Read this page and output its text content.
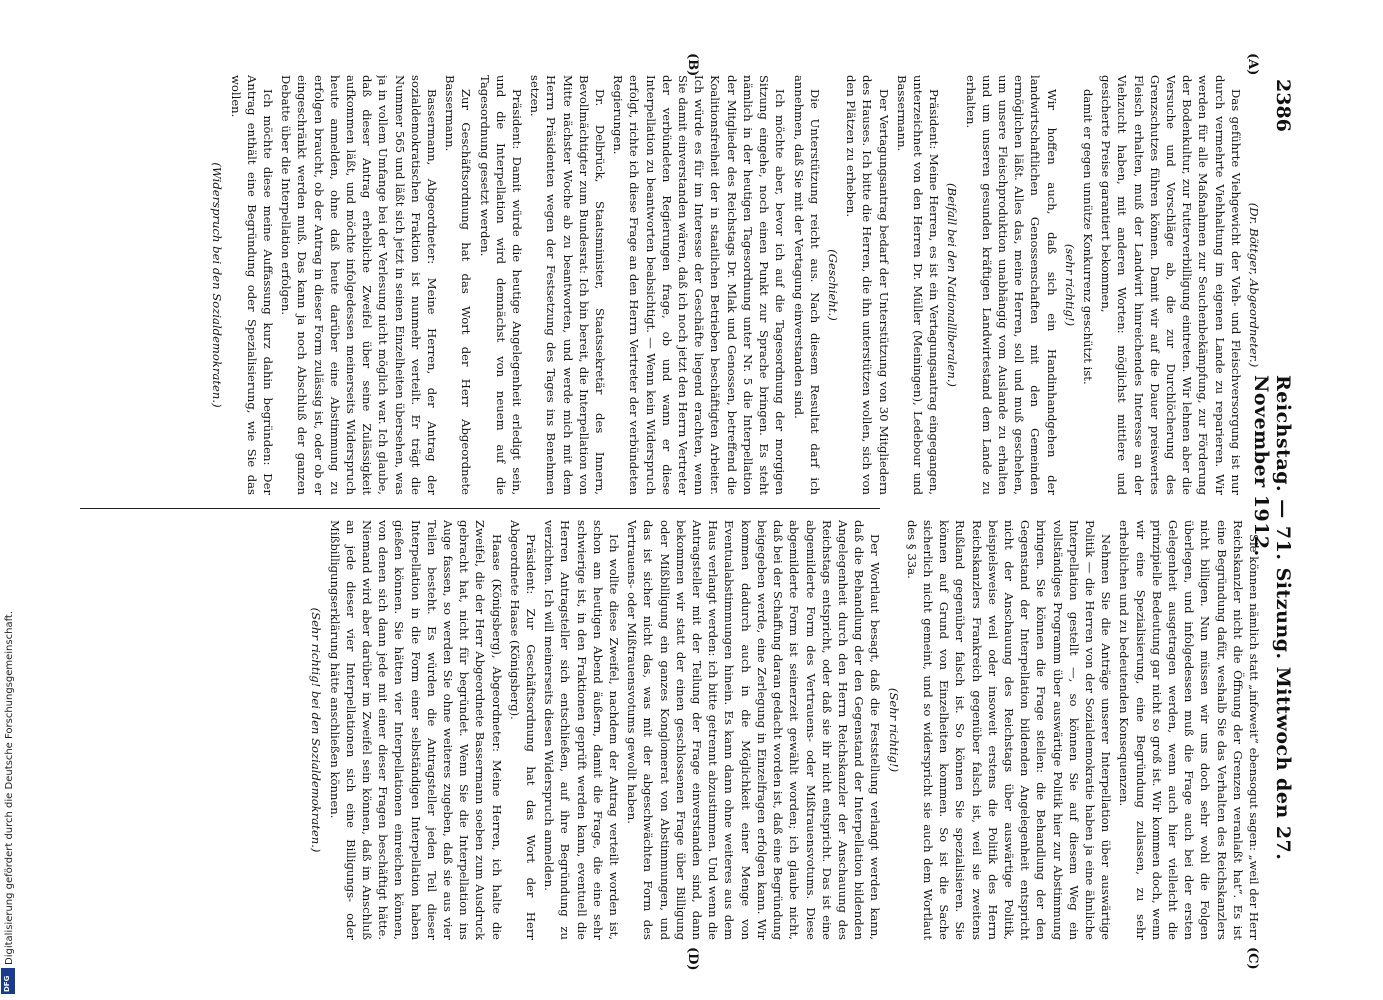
2386
Reichstag. — 71. Sitzung. Mittwoch den 27. November 1912.
(A)
(B)
(C)
(D)

(Dr. Böttger, Abgeordneter.)

Das geführte Viehgewicht der Vieh- und Fleischversorgung ist nur durch vermehrte Viehhaltung im eigenen Lande zu reparieren. Wir werden für alle Maßnahmen zur Seuchenbekämpfung, zur Förderung der Bodenkultur, zur Futterverbilligung eintreten. Wir lehnen aber die Versuche und Vorschläge ab, die zur Durchlöcherung des Grenzschutzes führen können. Damit wir auf die Dauer preiswertes Fleisch erhalten, muß der Landwirt hinreichendes Interesse an der Viehzucht haben, mit anderen Worten: möglichst mittlere und gesicherte Preise garantiert bekommen,

damit er gegen unnütze Konkurrenz geschützt ist.

(sehr richtig!)

Wir hoffen auch, daß sich ein Handinhandgehen der landwirtschaftlichen Genossenschaften mit den Gemeinden ermöglichen läßt. Alles das, meine Herren, soll und muß geschehen, um unsere Fleischproduktion unabhängig vom Auslande zu erhalten und um unseren gesunden kräftigen Landwirtestand dem Lande zu erhalten.

(Beifall bei den Nationalliberalen.)

Präsident: Meine Herren, es ist ein Vertagungsantrag eingegangen, unterzeichnet von den Herren Dr. Müller (Meiningen), Ledebour und Bassermann.

Der Vertagungsantrag bedarf der Unterstützung von 30 Mitgliedern des Hauses. Ich bitte die Herren, die ihn unterstützen wollen, sich von den Plätzen zu erheben.

(Geschieht.)

Die Unterstützung reicht aus. Nach diesem Resultat darf ich annehmen, daß Sie mit der Vertagung einverstanden sind.

Ich möchte aber, bevor ich auf die Tagesordnung der morgigen Sitzung eingehe, noch einen Punkt zur Sprache bringen. Es steht nämlich in der heutigen Tagesordnung unter Nr. 5 die Interpellation der Mitglieder des Reichstags Dr. Mlak und Genossen, betreffend die Koalitionsfreiheit der in staatlichen Betrieben beschäftigten Arbeiter. Ich würde es für im Interesse der Geschäfte liegend erachten, wenn Sie damit einverstanden wären, daß ich noch jetzt den Herrn Vertreter der verbündeten Regierungen frage, ob und wann er diese Interpellation zu beantworten beabsichtigt. — Wenn kein Widerspruch erfolgt, richte ich diese Frage an den Herrn Vertreter der verbündeten Regierungen.

Dr. Delbrück, Staatsminister, Staatssekretär des Innern, Bevollmächtigter zum Bundesrat: Ich bin bereit, die Interpellation von Mitte nächster Woche ab zu beantworten, und werde mich mit dem Herrn Präsidenten wegen der Festsetzung des Tages ins Benehmen setzen.

Präsident: Damit würde die heutige Angelegenheit erledigt sein, und die Interpellation wird demnächst von neuem auf die Tagesordnung gesetzt werden.

Zur Geschäftsordnung hat das Wort der Herr Abgeordnete Bassermann.

Bassermann, Abgeordneter: Meine Herren, der Antrag der sozialdemokratischen Fraktion ist nunmehr verteilt. Er trägt die Nummer 565 und läßt sich jetzt in seinen Einzelheiten übersehen, was ja in vollem Umfange bei der Verlesung nicht möglich war. Ich glaube, daß dieser Antrag erhebliche Zweifel über seine Zulässigkeit aufkommen läßt, und möchte infolgedessen meinerseits Widerspruch heute anmelden, ohne daß heute darüber eine Abstimmung zu erfolgen braucht, ob der Antrag in dieser Form zulässig ist, oder ob er eingeschränkt werden muß. Das kann ja noch Abschluß der ganzen Debatte über die Interpellation erfolgen.

Ich möchte diese meine Auffassung kurz dahin begründen: Der Antrag enthält eine Begründung oder Spezialisierung, wie Sie das wollen.

(Widerspruch bei den Sozialdemokraten.)

Sie können nämlich statt „infoweit“ ebensogut sagen: „weil der Herr Reichskanzler nicht die Öffnung der Grenzen veranlaßt hat“. Es ist eine Begründung dafür, weshalb Sie das Verhalten des Reichskanzlers nicht billigen. Nun müssen wir uns doch sehr wohl die Folgen überlegen, und infolgedessen muß die Frage auch bei der ersten Gelegenheit ausgetragen werden, wenn auch hier vielleicht die prinzipielle Bedeutung gar nicht so groß ist. Wir kommen doch, wenn wir eine Spezialisierung, eine Begründung zulassen, zu sehr erheblichen und zu bedeutenden Konsequenzen.

Nehmen Sie die Anträge unserer Interpellation über auswärtige Politik — die Herren von der Sozialdemokratie haben ja eine ähnliche Interpellation gestellt —, so können Sie auf diesem Weg ein vollständiges Programm über auswärtige Politik hier zur Abstimmung bringen. Sie können die Frage stellen: die Behandlung der den Gegenstand der Interpellation bildenden Angelegenheit entspricht nicht der Anschauung des Reichstags über auswärtige Politik, beispielsweise weil oder insoweit erstens die Politik des Herrn Reichskanzlers Frankreich gegenüber falsch ist, weil sie zweitens Rußland gegenüber falsch ist. So können Sie spezialisieren. Sie können auf Grund von Einzelheiten kommen. So ist die Sache sicherlich nicht gemeint, und so widerspricht sie auch dem Wortlaut des § 33a.

(Sehr richtig!)

Der Wortlaut besagt, daß die Feststellung verlangt werden kann, daß die Behandlung der den Gegenstand der Interpellation bildenden Angelegenheit durch den Herrn Reichskanzler der Anschauung des Reichstags entspricht, oder daß sie ihr nicht entspricht. Das ist eine abgemilderte Form des Vertrauens- oder Mißtrauensvotums. Diese abgemilderte Form ist seinerzeit gewählt worden; ich glaube nicht, daß bei der Schaffung daran gedacht worden ist, daß eine Begründung beigegeben werde, eine Zerlegung in Einzelfragen erfolgen kann. Wir kommen dadurch auch in die Möglichkeit einer Menge von Eventualabstimmungen hinein. Es kann dann ohne weiteres aus dem Haus verlangt werden: ich bitte getrennt abzustimmen. Und wenn die Antragsteller mit der Teilung der Frage einverstanden sind, dann bekommen wir statt der einen geschlossenen Frage über Billigung oder Mißbilligung ein ganzes Konglomerat von Abstimmungen, und das ist sicher nicht das, was mit der abgeschwächten Form des Vertrauens- oder Mißtrauensvotums gewollt haben.

Ich wollte diese Zweifel, nachdem der Antrag verteilt worden ist, schon am heutigen Abend äußern, damit die Frage, die eine sehr schwierige ist, in den Fraktionen geprüft werden kann, eventuell die Herren Antragsteller sich entschließen, auf ihre Begründung zu verzichten. Ich will meinerseits diesen Widerspruch anmelden.

Präsident: Zur Geschäftsordnung hat das Wort der Herr Abgeordnete Haase (Königsberg).

Haase (Königsberg), Abgeordneter: Meine Herren, ich halte die Zweifel, die der Herr Abgeordnete Bassermann soeben zum Ausdruck gebracht hat, nicht für begründet. Wenn Sie die Interpellation ins Auge fassen, so werden Sie ohne weiteres zugeben, daß sie aus vier Teilen besteht. Es würden die Antragsteller jeden Teil dieser Interpellation in die Form einer selbständigen Interpellation haben gießen können. Sie hätten vier Interpellationen einreichen können, von denen sich dann jede mit einer dieser Fragen beschäftigt hätte. Niemand wird aber darüber im Zweifel sein können, daß im Anschluß an jede dieser vier Interpellationen sich eine Billigungs- oder Mißbilligungserklärung hätte anschließen können.

(Sehr richtig! bei den Sozialdemokraten.)

Digitalisierung gefördert durch die Deutsche Forschungsgemeinschaft.
DFG
